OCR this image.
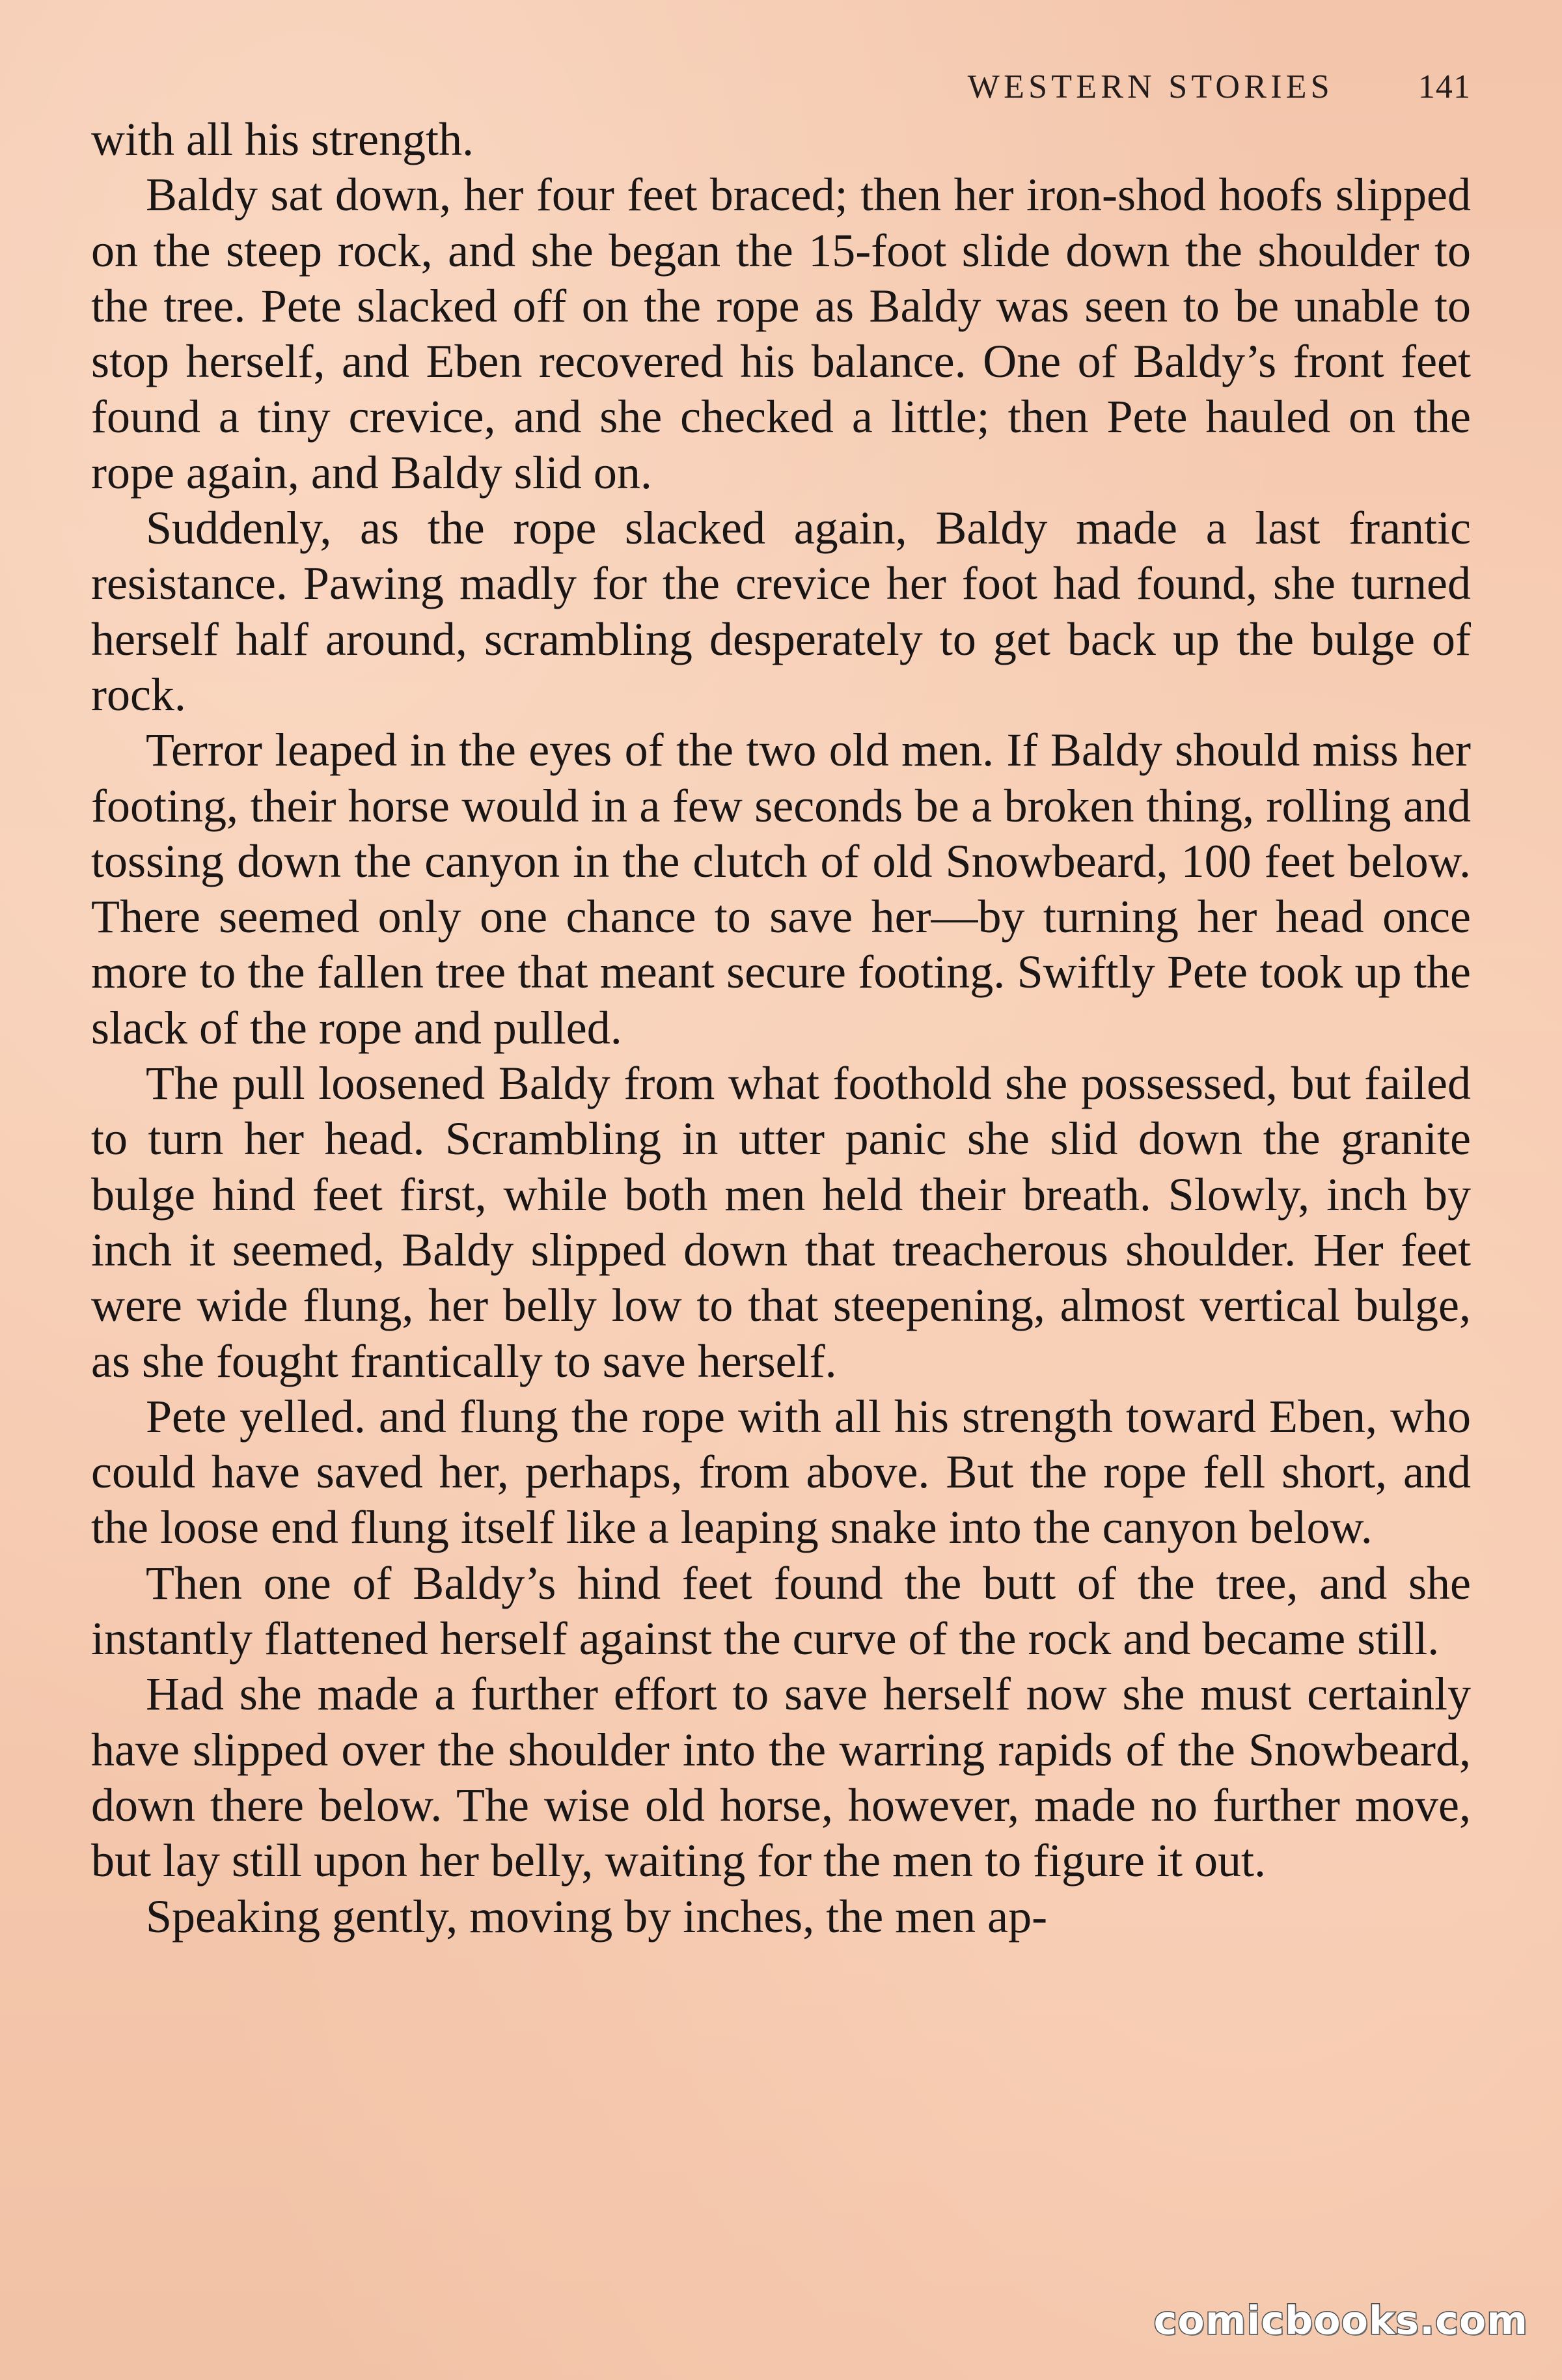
WESTERN STORIES	141

with all his strength.

Baldy sat down, her four feet braced; then her iron-shod hoofs slipped on the steep rock, and she began the 15-foot slide down the shoulder to the tree. Pete slacked off on the rope as Baldy was seen to be unable to stop herself, and Eben recovered his balance. One of Baldy’s front feet found a tiny crevice, and she checked a little; then Pete hauled on the rope again, and Baldy slid on.

Suddenly, as the rope slacked again, Baldy made a last frantic resistance. Pawing madly for the crevice her foot had found, she turned herself half around, scrambling desperately to get back up the bulge of rock.

Terror leaped in the eyes of the two old men. If Baldy should miss her footing, their horse would in a few seconds be a broken thing, rolling and tossing down the canyon in the clutch of old Snowbeard, 100 feet below. There seemed only one chance to save her—by turning her head once more to the fallen tree that meant secure footing. Swiftly Pete took up the slack of the rope and pulled.

The pull loosened Baldy from what foothold she possessed, but failed to turn her head. Scrambling in utter panic she slid down the granite bulge hind feet first, while both men held their breath. Slowly, inch by inch it seemed, Baldy slipped down that treacherous shoulder. Her feet were wide flung, her belly low to that steepening, almost vertical bulge, as she fought frantically to save herself.

Pete yelled. and flung the rope with all his strength toward Eben, who could have saved her, perhaps, from above. But the rope fell short, and the loose end flung itself like a leaping snake into the canyon below.

Then one of Baldy’s hind feet found the butt of the tree, and she instantly flattened herself against the curve of the rock and became still.

Had she made a further effort to save herself now she must certainly have slipped over the shoulder into the warring rapids of the Snowbeard, down there below. The wise old horse, however, made no further move, but lay still upon her belly, waiting for the men to figure it out.

Speaking gently, moving by inches, the men ap-

comicbooks.com
